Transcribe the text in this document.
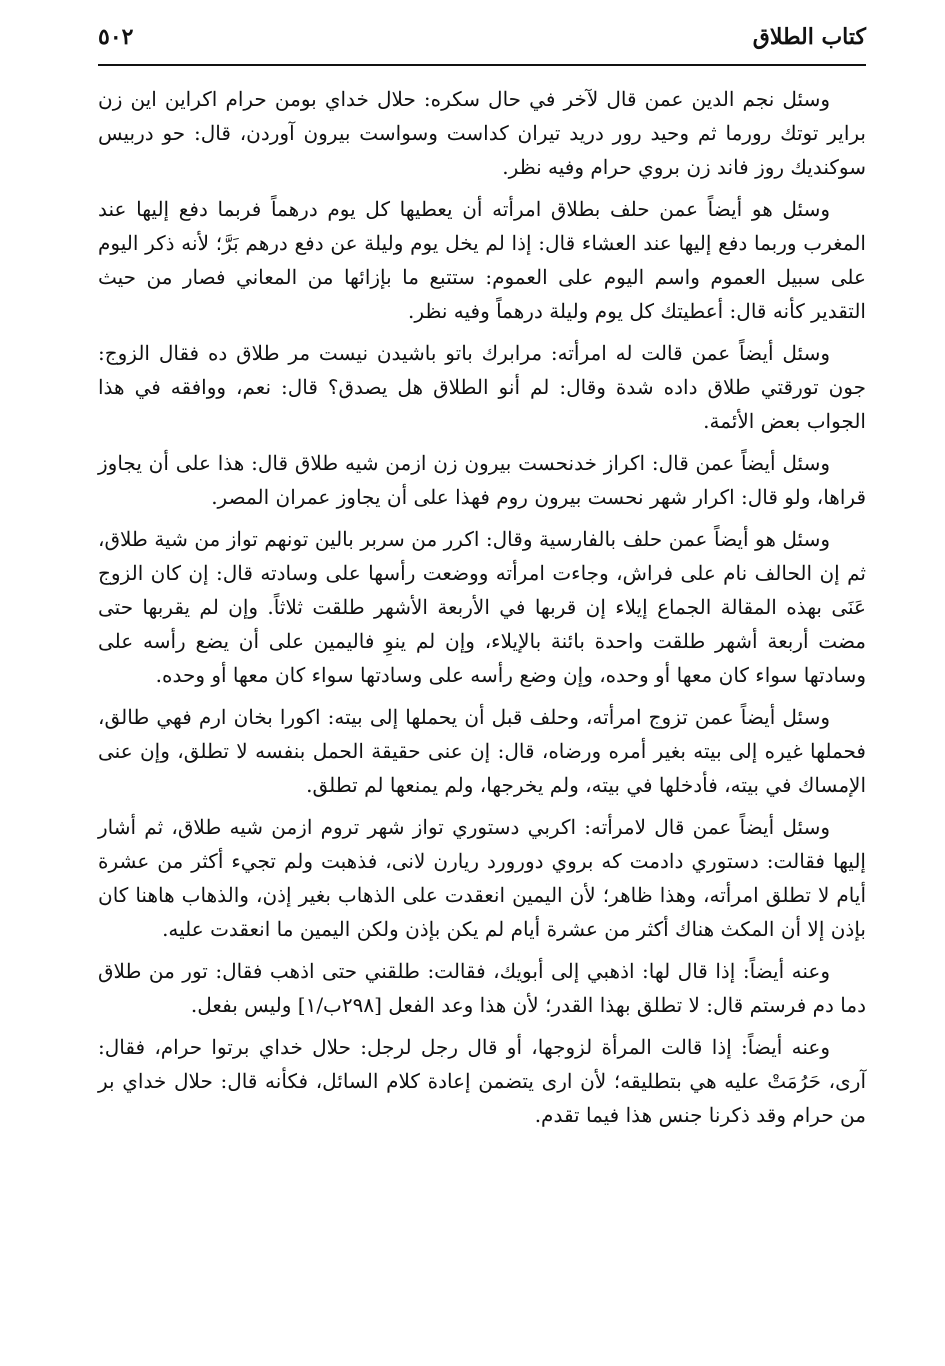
كتاب الطلاق
٥٠٢

وسئل نجم الدين عمن قال لآخر في حال سكره: حلال خداي بومن حرام اكراين اين زن براير توتك رورما ثم وحيد رور دريد تيران كداست وسواست بيرون آوردن، قال: حو دربيس سوكنديك روز فاند زن بروي حرام وفيه نظر.

وسئل هو أيضاً عمن حلف بطلاق امرأته أن يعطيها كل يوم درهماً فربما دفع إليها عند المغرب وربما دفع إليها عند العشاء قال: إذا لم يخل يوم وليلة عن دفع درهم بَرَّ؛ لأنه ذكر اليوم على سبيل العموم واسم اليوم على العموم: ستتبع ما بإزائها من المعاني فصار من حيث التقدير كأنه قال: أعطيتك كل يوم وليلة درهماً وفيه نظر.

وسئل أيضاً عمن قالت له امرأته: مرابرك باتو باشيدن نيست مر طلاق ده فقال الزوج: جون تورقتي طلاق داده شدة وقال: لم أنو الطلاق هل يصدق؟ قال: نعم، ووافقه في هذا الجواب بعض الأئمة.

وسئل أيضاً عمن قال: اكراز خدنحست بيرون زن ازمن شيه طلاق قال: هذا على أن يجاوز قراها، ولو قال: اكرار شهر نحست بيرون روم فهذا على أن يجاوز عمران المصر.

وسئل هو أيضاً عمن حلف بالفارسية وقال: اكرر من سربر بالين تونهم تواز من شية طلاق، ثم إن الحالف نام على فراش، وجاءت امرأته ووضعت رأسها على وسادته قال: إن كان الزوج عَنَى بهذه المقالة الجماع إيلاء إن قربها في الأربعة الأشهر طلقت ثلاثاً. وإن لم يقربها حتى مضت أربعة أشهر طلقت واحدة بائنة بالإيلاء، وإن لم ينوِ فاليمين على أن يضع رأسه على وسادتها سواء كان معها أو وحده، وإن وضع رأسه على وسادتها سواء كان معها أو وحده.

وسئل أيضاً عمن تزوج امرأته، وحلف قبل أن يحملها إلى بيته: اكورا بخان ارم فهي طالق، فحملها غيره إلى بيته بغير أمره ورضاه، قال: إن عنى حقيقة الحمل بنفسه لا تطلق، وإن عنى الإمساك في بيته، فأدخلها في بيته، ولم يخرجها، ولم يمنعها لم تطلق.

وسئل أيضاً عمن قال لامرأته: اكربي دستوري تواز شهر تروم ازمن شيه طلاق، ثم أشار إليها فقالت: دستوري دادمت كه بروي دورورد ريارن لانى، فذهبت ولم تجيء أكثر من عشرة أيام لا تطلق امرأته، وهذا ظاهر؛ لأن اليمين انعقدت على الذهاب بغير إذن، والذهاب هاهنا كان بإذن إلا أن المكث هناك أكثر من عشرة أيام لم يكن بإذن ولكن اليمين ما انعقدت عليه.

وعنه أيضاً: إذا قال لها: اذهبي إلى أبويك، فقالت: طلقني حتى اذهب فقال: تور من طلاق دما دم فرستم قال: لا تطلق بهذا القدر؛ لأن هذا وعد الفعل [٢٩٨ب/١] وليس بفعل.

وعنه أيضاً: إذا قالت المرأة لزوجها، أو قال رجل لرجل: حلال خداي برتوا حرام، فقال: آرى، حَرُمَتْ عليه هي بتطليقه؛ لأن ارى يتضمن إعادة كلام السائل، فكأنه قال: حلال خداي بر من حرام وقد ذكرنا جنس هذا فيما تقدم.
